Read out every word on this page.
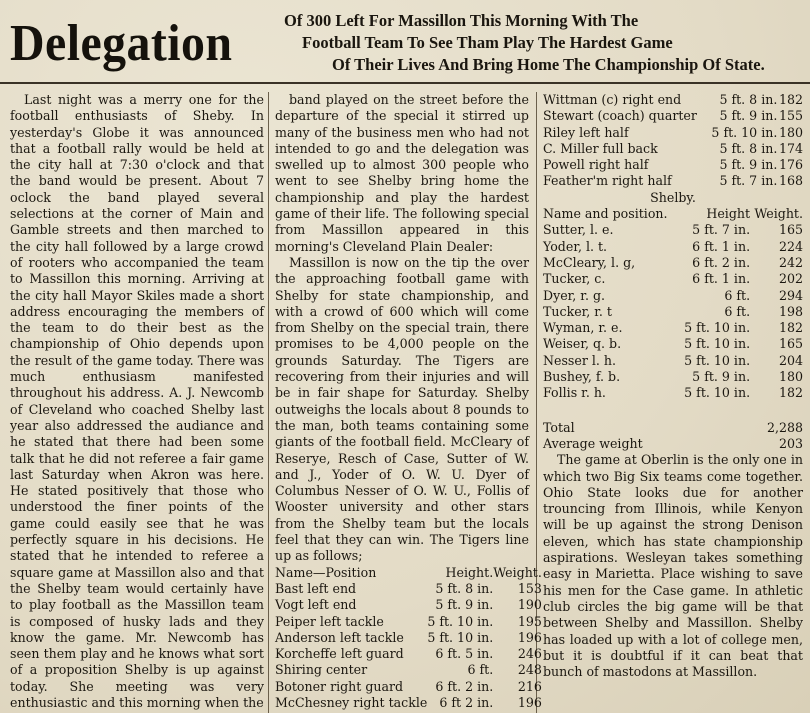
Delegation	Of 300 Left For Massillon This Morning With The
Football Team To See Tham Play The Hardest Game
Of Their Lives And Bring Home The Championship Of State.

Last night was a merry one for the football enthusiasts of Sheby. In yesterday's Globe it was announced that a football rally would be held at the city hall at 7:30 o'clock and that the band would be present. About 7 oclock the band played several selections at the corner of Main and Gamble streets and then marched to the city hall followed by a large crowd of rooters who accompanied the team to Massillon this morning. Arriving at the city hall Mayor Skiles made a short address encouraging the members of the team to do their best as the championship of Ohio depends upon the result of the game today. There was much enthusiasm manifested throughout his address. A. J. Newcomb of Cleveland who coached Shelby last year also addressed the audiance and he stated that there had been some talk that he did not referee a fair game last Saturday when Akron was here. He stated positively that those who understood the finer points of the game could easily see that he was perfectly square in his decisions. He stated that he intended to referee a square game at Massillon also and that the Shelby team would certainly have to play football as the Massillon team is composed of husky lads and they know the game. Mr. Newcomb has seen them play and he knows what sort of a proposition Shelby is up against today. She meeting was very enthusiastic and this morning when the

band played on the street before the departure of the special it stirred up many of the business men who had not intended to go and the delegation was swelled up to almost 300 people who went to see Shelby bring home the championship and play the hardest game of their life. The following special from Massillon appeared in this morning's Cleveland Plain Dealer:

Massillon is now on the tip the over the approaching football game with Shelby for state championship, and with a crowd of 600 which will come from Shelby on the special train, there promises to be 4,000 people on the grounds Saturday. The Tigers are recovering from their injuries and will be in fair shape for Saturday. Shelby outweighs the locals about 8 pounds to the man, both teams containing some giants of the football field. McCleary of Reserye, Resch of Case, Sutter of W. and J., Yoder of O. W. U. Dyer of Columbus Nesser of O. W. U., Follis of Wooster university and other stars from the Shelby team but the locals feel that they can win. The Tigers line up as follows;

Name—Position	Height.	Weight.
Bast left end	5 ft. 8 in.	153
Vogt left end	5 ft. 9 in.	190
Peiper left tackle	5 ft. 10 in.	195
Anderson left tackle	5 ft. 10 in.	196
Korcheffe left guard	6 ft. 5 in.	246
Shiring center	6 ft.	248
Botoner right guard	6 ft. 2 in.	216
McChesney right tackle	6 ft 2 in.	196
Wittman (c) right end	5 ft. 8 in.	182
Stewart (coach) quarter	5 ft. 9 in.	155
Riley left half	5 ft. 10 in.	180
C. Miller full back	5 ft. 8 in.	174
Powell right half	5 ft. 9 in.	176
Feather'm right half	5 ft. 7 in.	168
Shelby.
Name and position.	Height	Weight.
Sutter, l. e.	5 ft. 7 in.	165
Yoder, l. t.	6 ft. 1 in.	224
McCleary, l. g,	6 ft. 2 in.	242
Tucker, c.	6 ft. 1 in.	202
Dyer, r. g.	6 ft.	294
Tucker, r. t	6 ft.	198
Wyman, r. e.	5 ft. 10 in.	182
Weiser, q. b.	5 ft. 10 in.	165
Nesser l. h.	5 ft. 10 in.	204
Bushey, f. b.	5 ft. 9 in.	180
Follis r. h.	5 ft. 10 in.	182
Total	2,288
Average weight	203

The game at Oberlin is the only one in which two Big Six teams come together. Ohio State looks due for another trouncing from Illinois, while Kenyon will be up against the strong Denison eleven, which has state championship aspirations. Wesleyan takes something easy in Marietta. Place wishing to save his men for the Case game. In athletic club circles the big game will be that between Shelby and Massillon. Shelby has loaded up with a lot of college men, but it is doubtful if it can beat that bunch of mastodons at Massillon.
